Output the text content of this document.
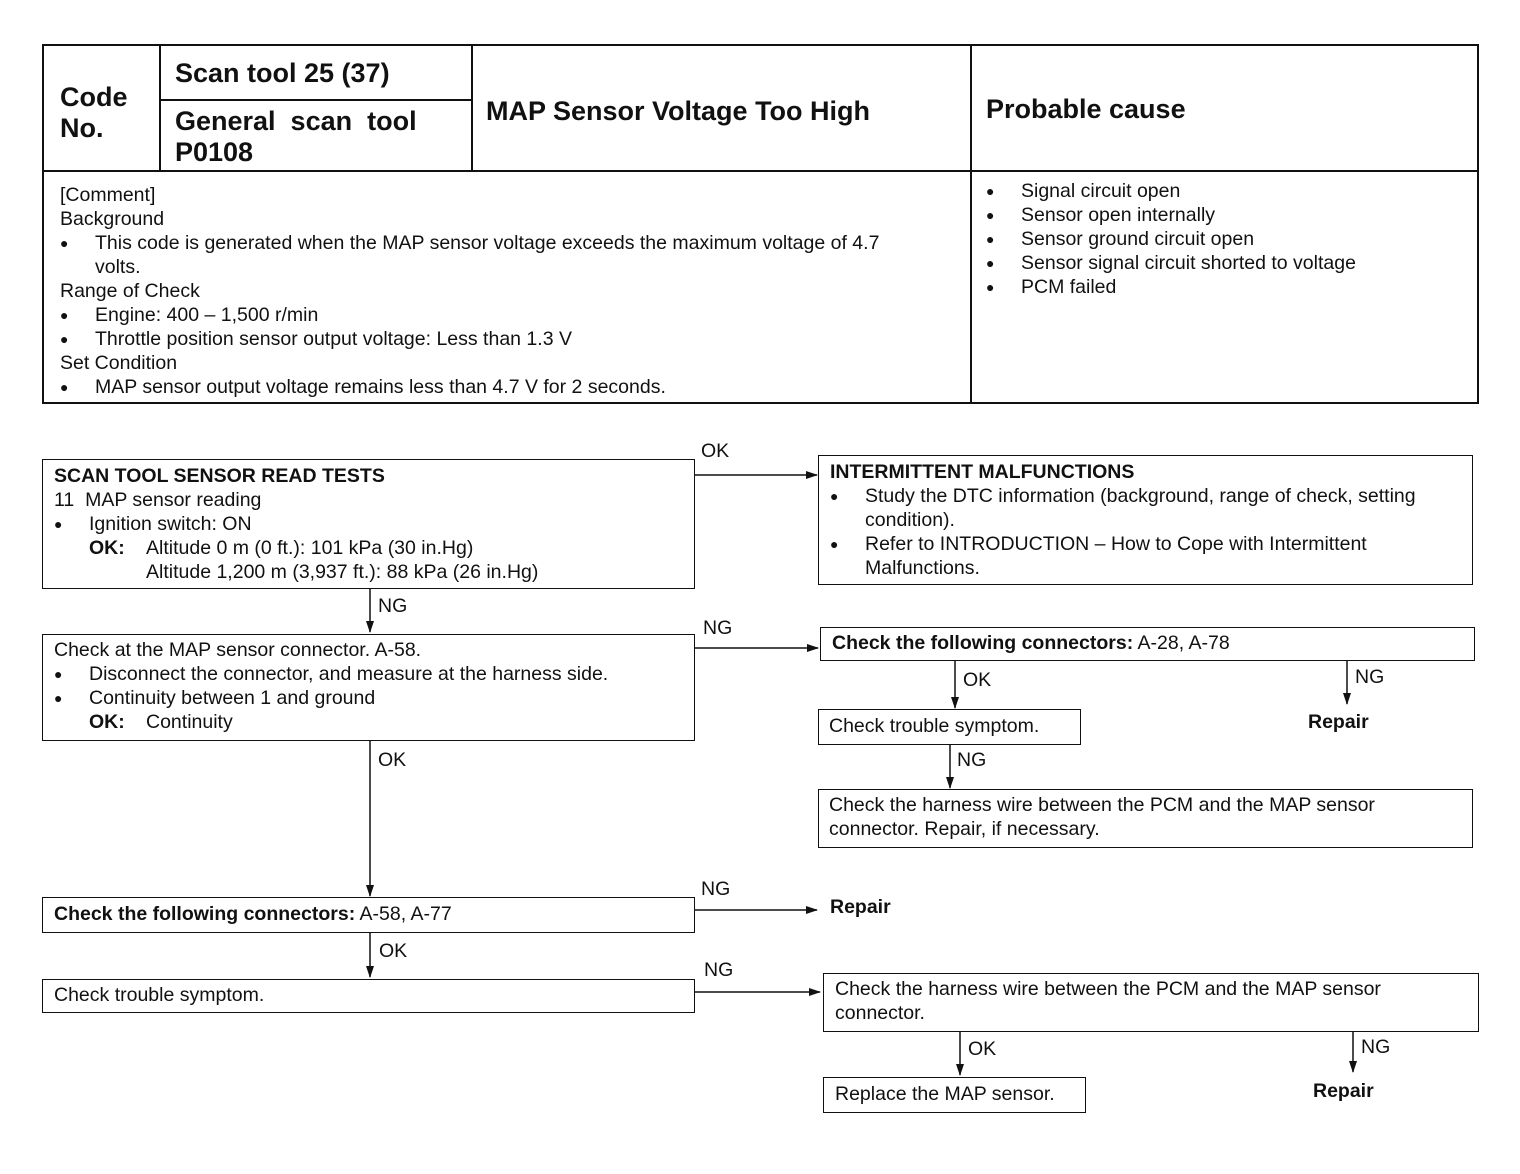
Code
No.
Scan tool 25 (37)
General  scan  tool
P0108
MAP Sensor Voltage Too High	Probable cause
[Comment]
Background
● This code is generated when the MAP sensor voltage exceeds the maximum voltage of 4.7 volts.
Range of Check
● Engine: 400 – 1,500 r/min
● Throttle position sensor output voltage: Less than 1.3 V
Set Condition
● MAP sensor output voltage remains less than 4.7 V for 2 seconds.
● Signal circuit open
● Sensor open internally
● Sensor ground circuit open
● Sensor signal circuit shorted to voltage
● PCM failed
SCAN TOOL SENSOR READ TESTS
11  MAP sensor reading
● Ignition switch: ON
OK: Altitude 0 m (0 ft.): 101 kPa (30 in.Hg)
Altitude 1,200 m (3,937 ft.): 88 kPa (26 in.Hg)
INTERMITTENT MALFUNCTIONS
● Study the DTC information (background, range of check, setting condition).
● Refer to INTRODUCTION – How to Cope with Intermittent Malfunctions.
Check at the MAP sensor connector. A-58.
● Disconnect the connector, and measure at the harness side.
● Continuity between 1 and ground
OK: Continuity
Check the following connectors: A-28, A-78
Check trouble symptom.
Check the harness wire between the PCM and the MAP sensor connector. Repair, if necessary.
Check the following connectors: A-58, A-77
Check trouble symptom.	Check the harness wire between the PCM and the MAP sensor connector.
Replace the MAP sensor.
Repair
Repair
Repair
OK
NG
NG
OK	NG
OK	NG
NG
OK
NG
OK	NG
